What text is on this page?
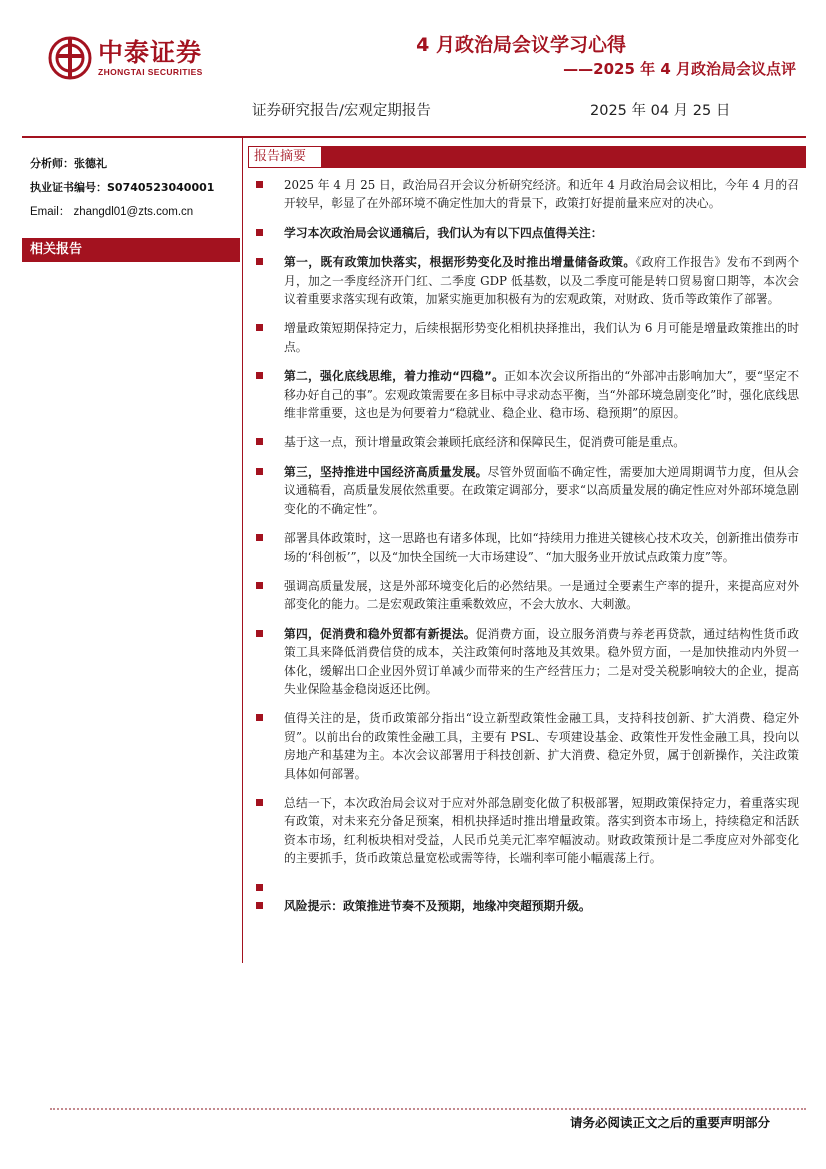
中泰证券
ZHONGTAI SECURITIES
4 月政治局会议学习心得
——2025 年 4 月政治局会议点评
证券研究报告/宏观定期报告	2025 年 04 月 25 日
分析师：张德礼
执业证书编号：S0740523040001
Email： zhangdl01@zts.com.cn
相关报告
报告摘要
2025 年 4 月 25 日，政治局召开会议分析研究经济。和近年 4 月政治局会议相比，今年 4 月的召开较早，彰显了在外部环境不确定性加大的背景下，政策打好提前量来应对的决心。
学习本次政治局会议通稿后，我们认为有以下四点值得关注：
第一，既有政策加快落实，根据形势变化及时推出增量储备政策。《政府工作报告》发布不到两个月，加之一季度经济开门红、二季度 GDP 低基数，以及二季度可能是转口贸易窗口期等，本次会议着重要求落实现有政策，加紧实施更加积极有为的宏观政策，对财政、货币等政策作了部署。
增量政策短期保持定力，后续根据形势变化相机抉择推出，我们认为 6 月可能是增量政策推出的时点。
第二，强化底线思维，着力推动“四稳”。正如本次会议所指出的“外部冲击影响加大”，要“坚定不移办好自己的事”。宏观政策需要在多目标中寻求动态平衡，当“外部环境急剧变化”时，强化底线思维非常重要，这也是为何要着力“稳就业、稳企业、稳市场、稳预期”的原因。
基于这一点，预计增量政策会兼顾托底经济和保障民生，促消费可能是重点。
第三，坚持推进中国经济高质量发展。尽管外贸面临不确定性，需要加大逆周期调节力度，但从会议通稿看，高质量发展依然重要。在政策定调部分，要求“以高质量发展的确定性应对外部环境急剧变化的不确定性”。
部署具体政策时，这一思路也有诸多体现，比如“持续用力推进关键核心技术攻关，创新推出债券市场的‘科创板’”，以及“加快全国统一大市场建设”、“加大服务业开放试点政策力度”等。
强调高质量发展，这是外部环境变化后的必然结果。一是通过全要素生产率的提升，来提高应对外部变化的能力。二是宏观政策注重乘数效应，不会大放水、大刺激。
第四，促消费和稳外贸都有新提法。促消费方面，设立服务消费与养老再贷款，通过结构性货币政策工具来降低消费信贷的成本，关注政策何时落地及其效果。稳外贸方面，一是加快推动内外贸一体化，缓解出口企业因外贸订单减少而带来的生产经营压力；二是对受关税影响较大的企业，提高失业保险基金稳岗返还比例。
值得关注的是，货币政策部分指出“设立新型政策性金融工具，支持科技创新、扩大消费、稳定外贸”。以前出台的政策性金融工具，主要有 PSL、专项建设基金、政策性开发性金融工具，投向以房地产和基建为主。本次会议部署用于科技创新、扩大消费、稳定外贸，属于创新操作，关注政策具体如何部署。
总结一下，本次政治局会议对于应对外部急剧变化做了积极部署，短期政策保持定力，着重落实现有政策，对未来充分备足预案，相机抉择适时推出增量政策。落实到资本市场上，持续稳定和活跃资本市场，红利板块相对受益，人民币兑美元汇率窄幅波动。财政政策预计是二季度应对外部变化的主要抓手，货币政策总量宽松或需等待，长端利率可能小幅震荡上行。
风险提示：政策推进节奏不及预期，地缘冲突超预期升级。
请务必阅读正文之后的重要声明部分
